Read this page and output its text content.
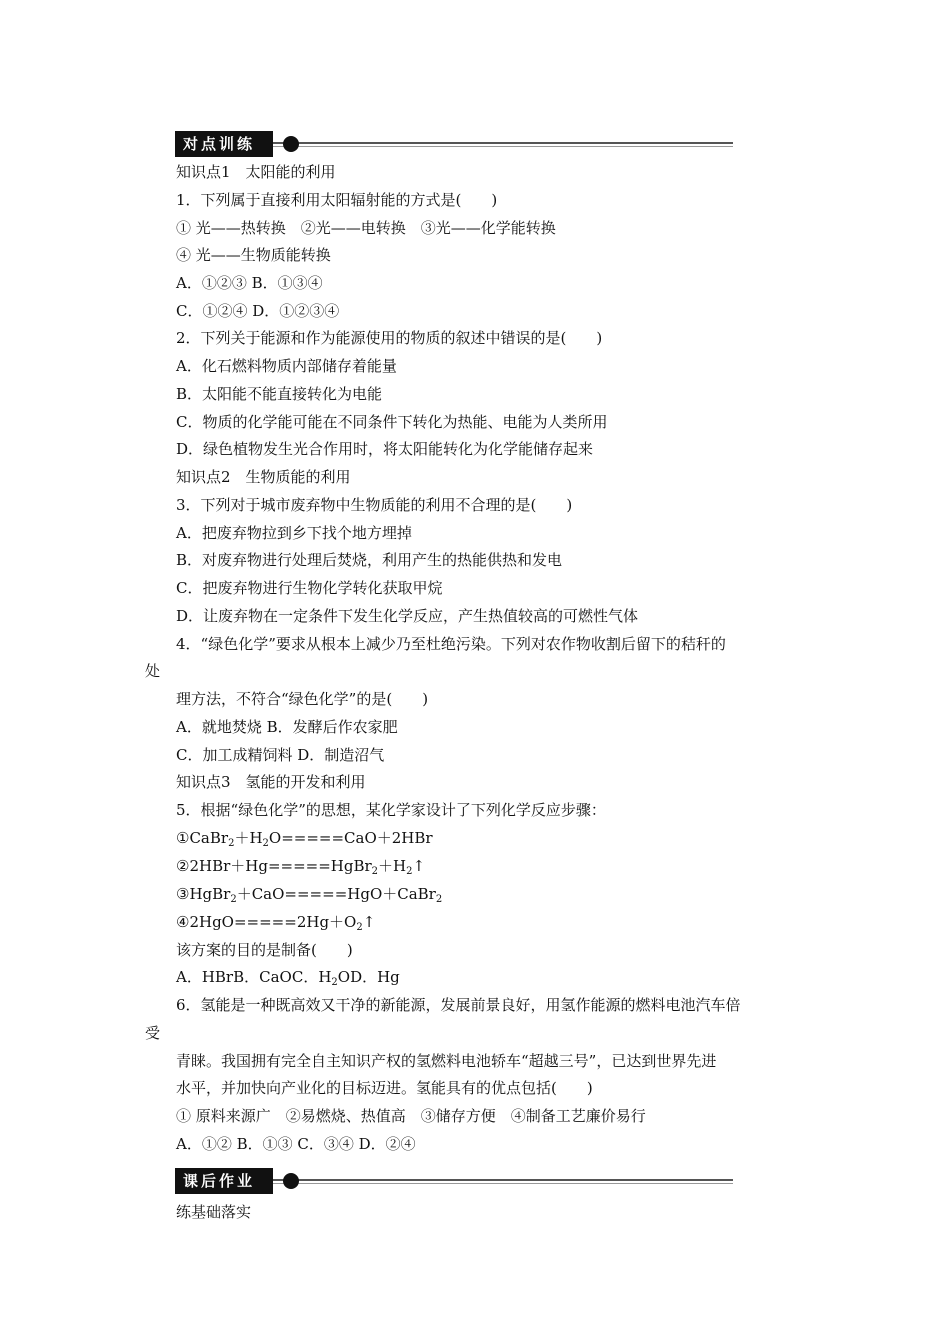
对点训练
知识点1　太阳能的利用
1．下列属于直接利用太阳辐射能的方式是(　　)
① 光——热转换　②光——电转换　③光——化学能转换
④ 光——生物质能转换
A．①②③ B．①③④
C．①②④ D．①②③④
2．下列关于能源和作为能源使用的物质的叙述中错误的是(　　)
A．化石燃料物质内部储存着能量
B．太阳能不能直接转化为电能
C．物质的化学能可能在不同条件下转化为热能、电能为人类所用
D．绿色植物发生光合作用时，将太阳能转化为化学能储存起来
知识点2　生物质能的利用
3．下列对于城市废弃物中生物质能的利用不合理的是(　　)
A．把废弃物拉到乡下找个地方埋掉
B．对废弃物进行处理后焚烧，利用产生的热能供热和发电
C．把废弃物进行生物化学转化获取甲烷
D．让废弃物在一定条件下发生化学反应，产生热值较高的可燃性气体
4．“绿色化学”要求从根本上减少乃至杜绝污染。下列对农作物收割后留下的秸秆的
处
理方法，不符合“绿色化学”的是(　　)
A．就地焚烧 B．发酵后作农家肥
C．加工成精饲料 D．制造沼气
知识点3　氢能的开发和利用
5．根据“绿色化学”的思想，某化学家设计了下列化学反应步骤：
$①CaBr_2+H_2O=====CaO+2HBr$
$②2HBr+Hg=====HgBr_2+H_2↑$
③HgBr$_2$＋CaO=====HgO＋CaBr$_2$
$④2HgO=====2Hg+O_2↑$
该方案的目的是制备(　　)
A．HBrB．CaOC．$H_2OD$．Hg
6．氢能是一种既高效又干净的新能源，发展前景良好，用氢作能源的燃料电池汽车倍
受
青睐。我国拥有完全自主知识产权的氢燃料电池轿车“超越三号”，已达到世界先进
水平，并加快向产业化的目标迈进。氢能具有的优点包括(　　)
① 原料来源广　②易燃烧、热值高　③储存方便　④制备工艺廉价易行
A．①② B．①③ C．③④ D．②④
课后作业
练基础落实
